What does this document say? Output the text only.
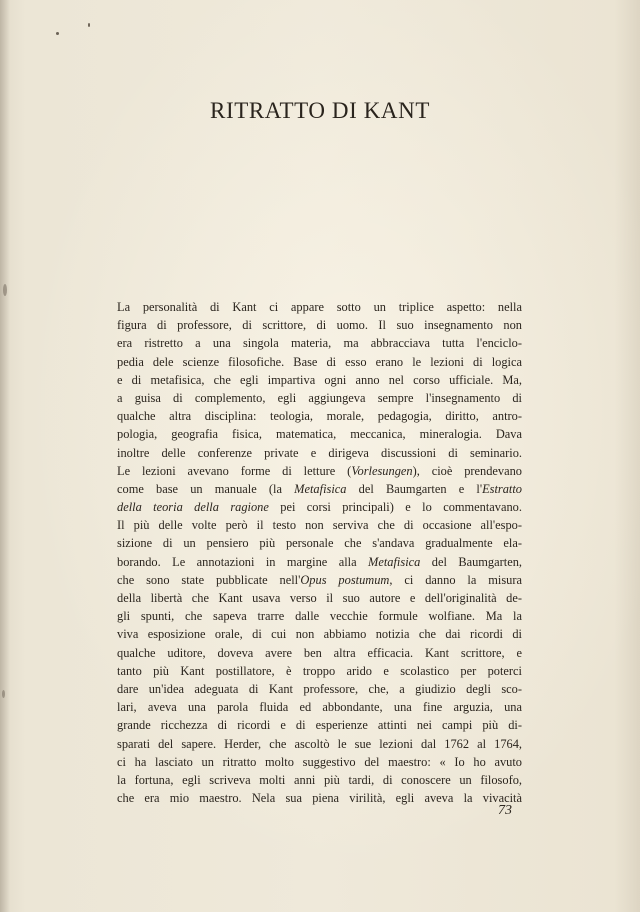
RITRATTO DI KANT
La personalità di Kant ci appare sotto un triplice aspetto: nella
figura di professore, di scrittore, di uomo. Il suo insegnamento non
era ristretto a una singola materia, ma abbracciava tutta l'enciclo-
pedia dele scienze filosofiche. Base di esso erano le lezioni di logica
e di metafisica, che egli impartiva ogni anno nel corso ufficiale. Ma,
a guisa di complemento, egli aggiungeva sempre l'insegnamento di
qualche altra disciplina: teologia, morale, pedagogia, diritto, antro-
pologia, geografia fisica, matematica, meccanica, mineralogia. Dava
inoltre delle conferenze private e dirigeva discussioni di seminario.
Le lezioni avevano forme di letture (Vorlesungen), cioè prendevano
come base un manuale (la Metafisica del Baumgarten e l'Estratto
della teoria della ragione pei corsi principali) e lo commentavano.
Il più delle volte però il testo non serviva che di occasione all'espo-
sizione di un pensiero più personale che s'andava gradualmente ela-
borando. Le annotazioni in margine alla Metafisica del Baumgarten,
che sono state pubblicate nell'Opus postumum, ci danno la misura
della libertà che Kant usava verso il suo autore e dell'originalità de-
gli spunti, che sapeva trarre dalle vecchie formule wolfiane. Ma la
viva esposizione orale, di cui non abbiamo notizia che dai ricordi di
qualche uditore, doveva avere ben altra efficacia. Kant scrittore, e
tanto più Kant postillatore, è troppo arido e scolastico per poterci
dare un'idea adeguata di Kant professore, che, a giudizio degli sco-
lari, aveva una parola fluida ed abbondante, una fine arguzia, una
grande ricchezza di ricordi e di esperienze attinti nei campi più di-
sparati del sapere. Herder, che ascoltò le sue lezioni dal 1762 al 1764,
ci ha lasciato un ritratto molto suggestivo del maestro: « Io ho avuto
la fortuna, egli scriveva molti anni più tardi, di conoscere un filosofo,
che era mio maestro. Nela sua piena virilità, egli aveva la vivacità
73
